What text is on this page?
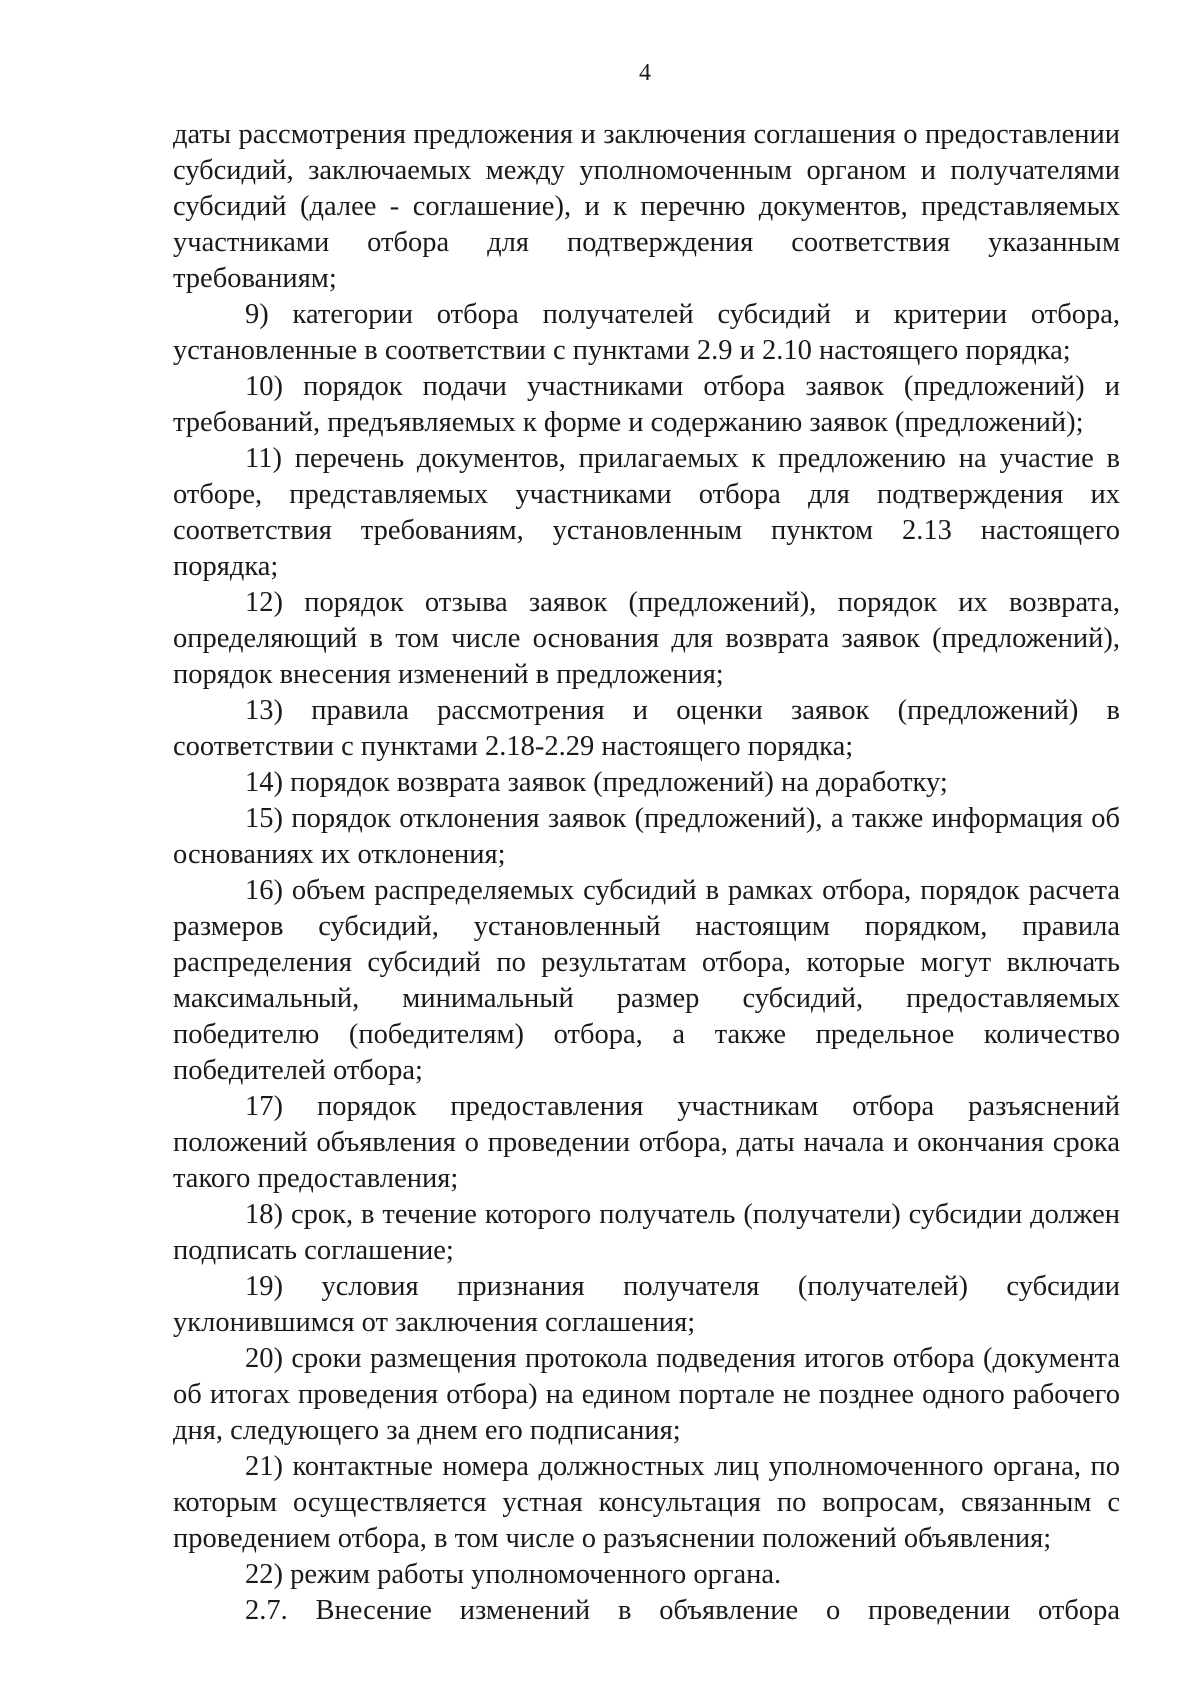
4

даты рассмотрения предложения и заключения соглашения о предоставлении субсидий, заключаемых между уполномоченным органом и получателями субсидий (далее - соглашение), и к перечню документов, представляемых участниками отбора для подтверждения соответствия указанным требованиям;

9) категории отбора получателей субсидий и критерии отбора, установленные в соответствии с пунктами 2.9 и 2.10 настоящего порядка;

10) порядок подачи участниками отбора заявок (предложений) и требований, предъявляемых к форме и содержанию заявок (предложений);

11) перечень документов, прилагаемых к предложению на участие в отборе, представляемых участниками отбора для подтверждения их соответствия требованиям, установленным пунктом 2.13 настоящего порядка;

12) порядок отзыва заявок (предложений), порядок их возврата, определяющий в том числе основания для возврата заявок (предложений), порядок внесения изменений в предложения;

13) правила рассмотрения и оценки заявок (предложений) в соответствии с пунктами 2.18-2.29 настоящего порядка;

14) порядок возврата заявок (предложений) на доработку;

15) порядок отклонения заявок (предложений), а также информация об основаниях их отклонения;

16) объем распределяемых субсидий в рамках отбора, порядок расчета размеров субсидий, установленный настоящим порядком, правила распределения субсидий по результатам отбора, которые могут включать максимальный, минимальный размер субсидий, предоставляемых победителю (победителям) отбора, а также предельное количество победителей отбора;

17) порядок предоставления участникам отбора разъяснений положений объявления о проведении отбора, даты начала и окончания срока такого предоставления;

18) срок, в течение которого получатель (получатели) субсидии должен подписать соглашение;

19) условия признания получателя (получателей) субсидии уклонившимся от заключения соглашения;

20) сроки размещения протокола подведения итогов отбора (документа об итогах проведения отбора) на едином портале не позднее одного рабочего дня, следующего за днем его подписания;

21) контактные номера должностных лиц уполномоченного органа, по которым осуществляется устная консультация по вопросам, связанным с проведением отбора, в том числе о разъяснении положений объявления;

22) режим работы уполномоченного органа.

2.7. Внесение изменений в объявление о проведении отбора
